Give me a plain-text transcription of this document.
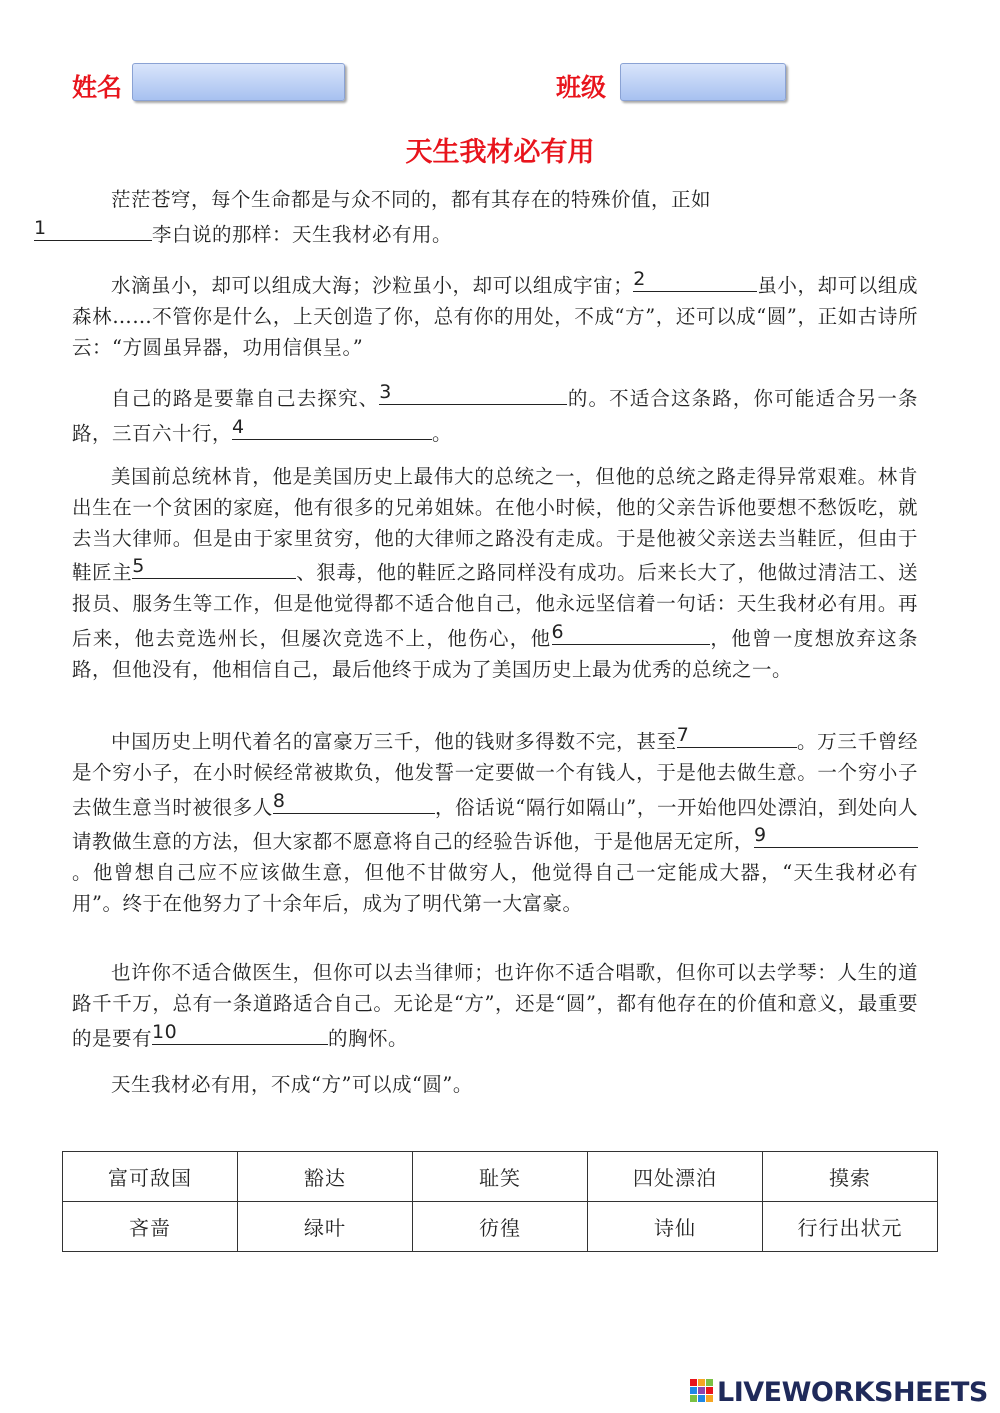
姓名	班级
天生我材必有用

茫茫苍穹，每个生命都是与众不同的，都有其存在的特殊价值，正如

1	李白说的那样：天生我材必有用。

水滴虽小，却可以组成大海；沙粒虽小，却可以组成宇宙； 2	虽小，却可以组成森林……不管你是什么，上天创造了你，总有你的用处，不成“方”，还可以成“圆”，正如古诗所云：“方圆虽异器，功用信俱呈。”

自己的路是要靠自己去探究、 3	的。不适合这条路，你可能适合另一条路，三百六十行， 4	。

美国前总统林肯，他是美国历史上最伟大的总统之一，但他的总统之路走得异常艰难。林肯出生在一个贫困的家庭，他有很多的兄弟姐妹。在他小时候，他的父亲告诉他要想不愁饭吃，就去当大律师。但是由于家里贫穷，他的大律师之路没有走成。于是他被父亲送去当鞋匠，但由于鞋匠主 5	、狠毒，他的鞋匠之路同样没有成功。后来长大了，他做过清洁工、送报员、服务生等工作，但是他觉得都不适合他自己，他永远坚信着一句话：天生我材必有用。再后来，他去竞选州长，但屡次竞选不上，他伤心，他 6	，他曾一度想放弃这条路，但他没有，他相信自己，最后他终于成为了美国历史上最为优秀的总统之一。

中国历史上明代着名的富豪万三千，他的钱财多得数不完，甚至 7	。万三千曾经是个穷小子，在小时候经常被欺负，他发誓一定要做一个有钱人，于是他去做生意。一个穷小子去做生意当时被很多人 8	，俗话说“隔行如隔山”，一开始他四处漂泊，到处向人请教做生意的方法，但大家都不愿意将自己的经验告诉他，于是他居无定所， 9
。他曾想自己应不应该做生意，但他不甘做穷人，他觉得自己一定能成大器，“天生我材必有用”。终于在他努力了十余年后，成为了明代第一大富豪。

也许你不适合做医生，但你可以去当律师；也许你不适合唱歌，但你可以去学琴：人生的道路千千万，总有一条道路适合自己。无论是“方”，还是“圆”，都有他存在的价值和意义，最重要的是要有 10	的胸怀。

天生我材必有用，不成“方”可以成“圆”。

富可敌国	豁达	耻笑	四处漂泊	摸索
吝啬	绿叶	彷徨	诗仙	行行出状元
LIVEWORKSHEETS
